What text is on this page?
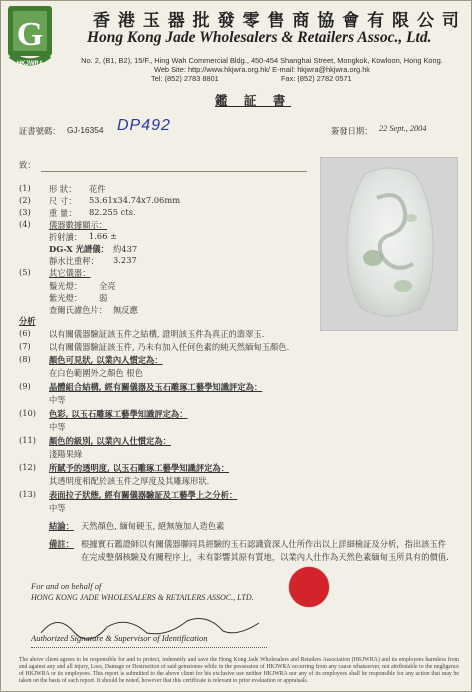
G
HKJWRA
香 港 玉 器 批 發 零 售 商 協 會 有 限 公 司
Hong Kong Jade Wholesalers & Retailers Assoc., Ltd.
No. 2, (B1, B2), 15/F., Hing Wah Commercial Bldg., 450-454 Shanghai Street, Mongkok, Kowloon, Hong Kong.
Web Site: http://www.hkjwra.org.hk/ E-mail: hkjwra@hkjwra.org.hk
Tel: (852) 2783 8801	Fax: (852) 2782 0571
鑑 証 書
証書號碼： GJ-16354 DP492	簽發日期： 22 Sept., 2004
致：
(1) 形 狀： 花件
(2) 尺 寸： 53.61x34.74x7.06mm
(3) 重 量： 82.255 cts.
(4) 儀器數據顯示：
折射讀： 1.66 ±
DG-X 光譜儀： 約437
靜水比重秤： 3.237
(5) 其它儀器：
鬚光燈： 全亮
紫光燈： 弱
查爾氏濾色片： 無反應
分析
(6) 以有關儀器驗証該玉件之結構, 證明該玉件為真正的翡翠玉.
(7) 以有關儀器驗証該玉件, 乃未有加入任何色素的純天然緬甸玉顏色.
(8) 顏色可見狀, 以業內人慣定為：
在白色範圍外之顏色 根色
(9) 晶體組合結構, 經有關儀器及玉石雕琢工藝學知識評定為：
中等
(10) 色彩, 以玉石雕琢工藝學知識評定為：
中等
(11) 顏色的級別, 以業內人仕慣定為：
淺陽果綠
(12) 所賦予的透明度, 以玉石雕琢工藝學知識評定為：
其透明度相配於該玉件之厚度及其雕琢形狀.
(13) 表面拉子狀態, 經有關儀器驗証及工藝學上之分析：
中等
結論： 天然顏色, 緬甸硬玉, 絕無施加人造色素
備註： 根據實石鑑證師以有關儀器聯同具經驗的玉石認識資深人仕所作出以上詳細檢証及分析，指出該玉件在完成整個核驗及有關程序上，未有影響其原有質地，以業內人仕作為天然色素緬甸玉所具有的價值.
For and on behalf of
HONG KONG JADE WHOLESALERS & RETAILERS ASSOC., LTD.
Authorized Signature & Supervisor of Identification
The above client agrees to be responsible for and to protect, indemnify and save the Hong Kong Jade Wholesalers and Retailers Association (HKJWRA) and its employees harmless from and against any and all injury, Loss, Damage or Destruction of said gemstones while in the possession of HKJWRA occurring from any cause whatsoever, not attributable to the negligence of HKJWRA or its employees. This report is submitted to the above client for his exclusive use neither HKJWRA nor any of its employees shall be responsible for any action that may be taken on the basis of such report. It should be noted, however that this certificate is relevant to prior evaluation or appraisals.
